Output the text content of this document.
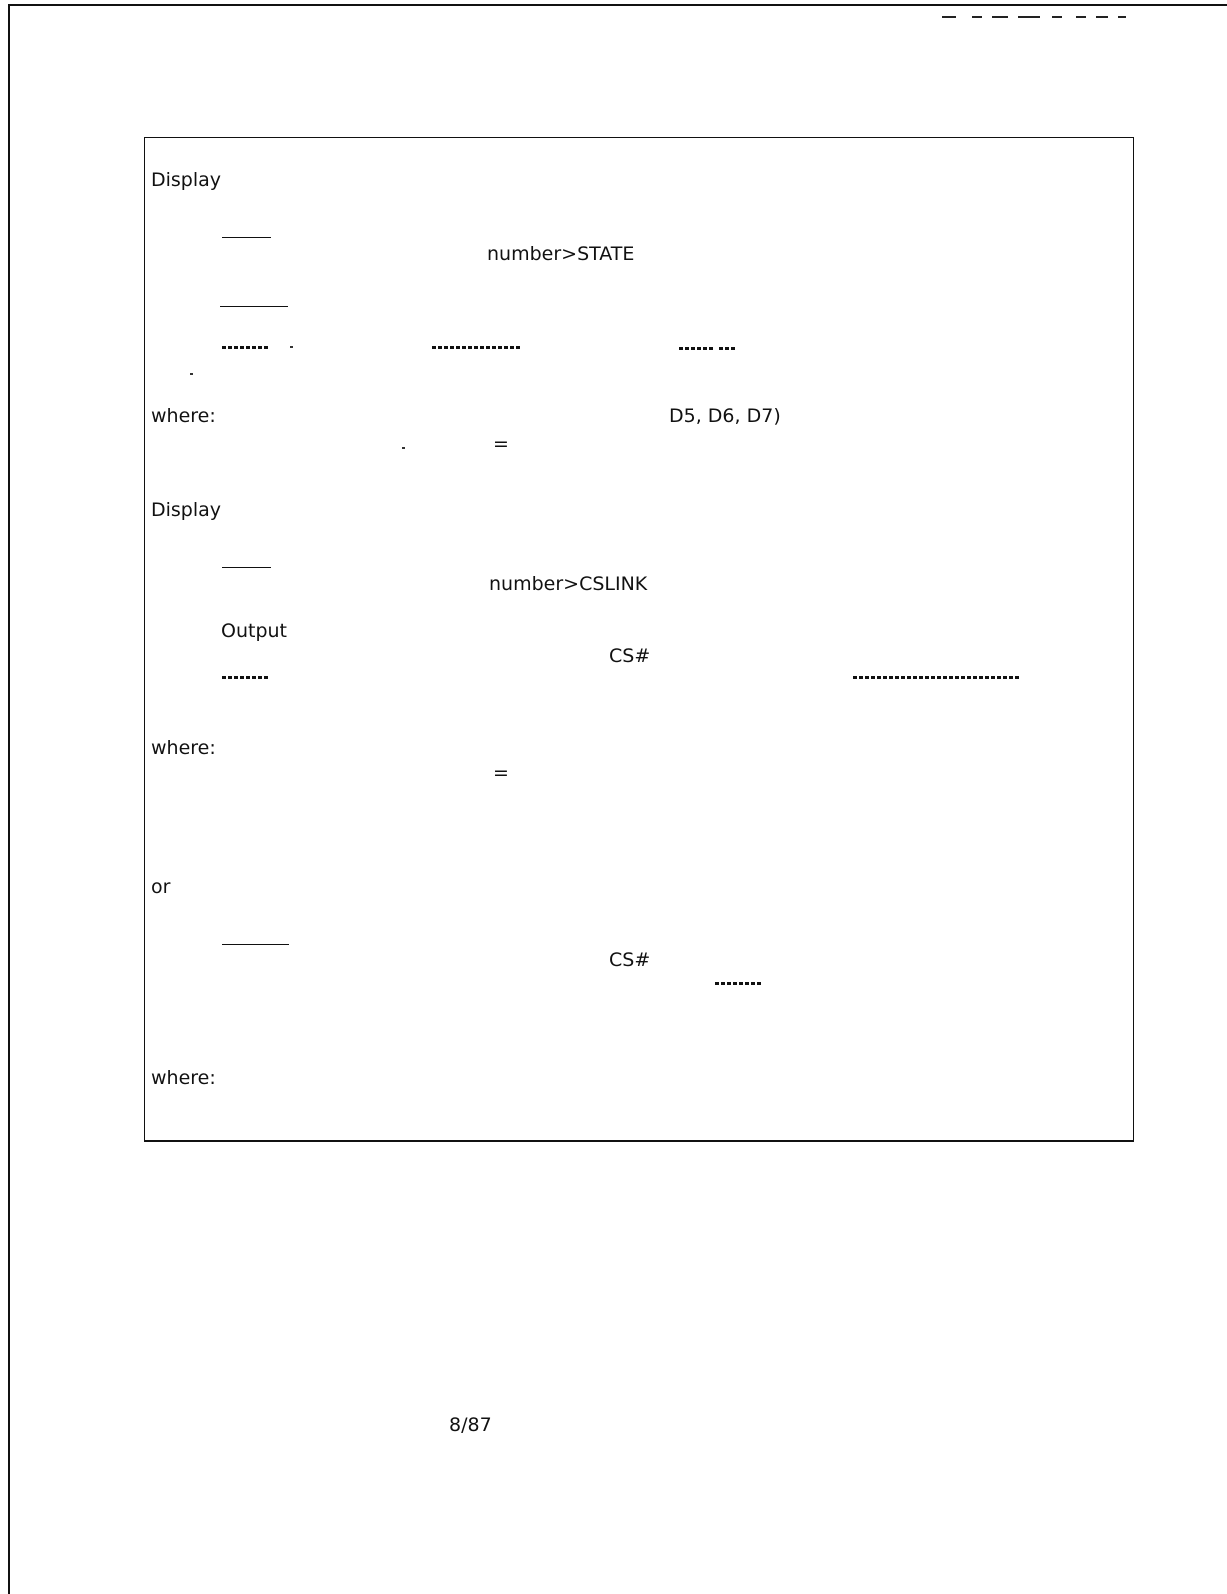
Display
number>STATE
where:	D5, D6, D7)
=
Display
number>CSLINK
Output
CS#
where:
=
or
CS#
where:
8/87
